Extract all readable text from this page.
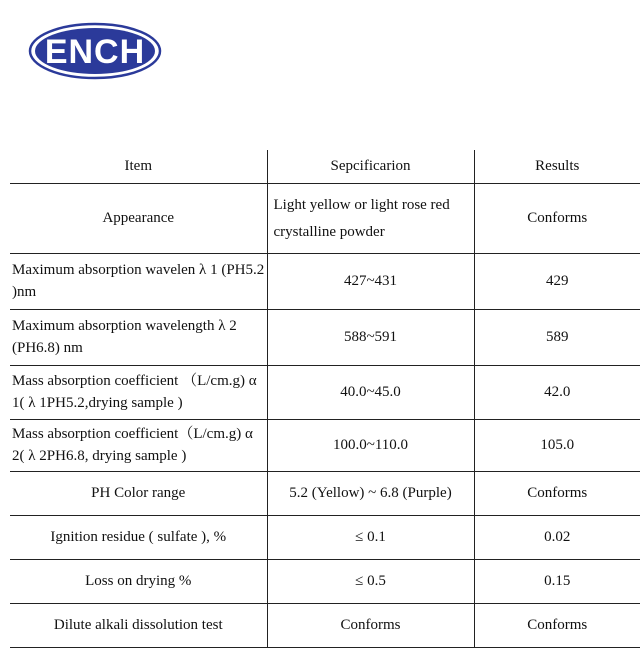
ENCH
Item	Sepcificarion	Results
Appearance	Light yellow or light rose red crystalline powder	Conforms
Maximum absorption wavelen λ 1 (PH5.2 )nm	427~431	429
Maximum absorption wavelength λ 2 (PH6.8) nm	588~591	589
Mass absorption coefficient （L/cm.g) α 1( λ 1PH5.2,drying sample )	40.0~45.0	42.0
Mass absorption coefficient（L/cm.g) α 2( λ 2PH6.8, drying sample )	100.0~110.0	105.0
PH Color range	5.2 (Yellow) ~ 6.8 (Purple)	Conforms
Ignition residue ( sulfate ), %	≤ 0.1	0.02
Loss on drying %	≤ 0.5	0.15
Dilute alkali dissolution test	Conforms	Conforms
